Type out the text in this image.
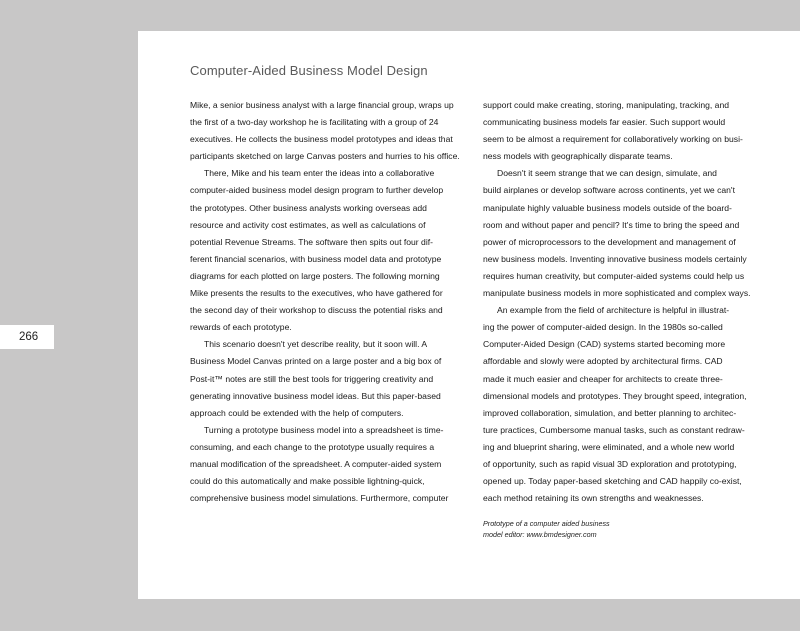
Computer-Aided Business Model Design

Mike, a senior business analyst with a large financial group, wraps up
the first of a two-day workshop he is facilitating with a group of 24
executives. He collects the business model prototypes and ideas that
participants sketched on large Canvas posters and hurries to his office.

There, Mike and his team enter the ideas into a collaborative
computer-aided business model design program to further develop
the prototypes. Other business analysts working overseas add
resource and activity cost estimates, as well as calculations of
potential Revenue Streams. The software then spits out four dif-
ferent financial scenarios, with business model data and prototype
diagrams for each plotted on large posters. The following morning
Mike presents the results to the executives, who have gathered for
the second day of their workshop to discuss the potential risks and
rewards of each prototype.

This scenario doesn't yet describe reality, but it soon will. A
Business Model Canvas printed on a large poster and a big box of
Post-it™ notes are still the best tools for triggering creativity and
generating innovative business model ideas. But this paper-based
approach could be extended with the help of computers.

Turning a prototype business model into a spreadsheet is time-
consuming, and each change to the prototype usually requires a
manual modification of the spreadsheet. A computer-aided system
could do this automatically and make possible lightning-quick,
comprehensive business model simulations. Furthermore, computer

support could make creating, storing, manipulating, tracking, and
communicating business models far easier. Such support would
seem to be almost a requirement for collaboratively working on busi-
ness models with geographically disparate teams.

Doesn't it seem strange that we can design, simulate, and
build airplanes or develop software across continents, yet we can't
manipulate highly valuable business models outside of the board-
room and without paper and pencil? It's time to bring the speed and
power of microprocessors to the development and management of
new business models. Inventing innovative business models certainly
requires human creativity, but computer-aided systems could help us
manipulate business models in more sophisticated and complex ways.

An example from the field of architecture is helpful in illustrat-
ing the power of computer-aided design. In the 1980s so-called
Computer-Aided Design (CAD) systems started becoming more
affordable and slowly were adopted by architectural firms. CAD
made it much easier and cheaper for architects to create three-
dimensional models and prototypes. They brought speed, integration,
improved collaboration, simulation, and better planning to architec-
ture practices, Cumbersome manual tasks, such as constant redraw-
ing and blueprint sharing, were eliminated, and a whole new world
of opportunity, such as rapid visual 3D exploration and prototyping,
opened up. Today paper-based sketching and CAD happily co-exist,
each method retaining its own strengths and weaknesses.

Prototype of a computer aided business
model editor: www.bmdesigner.com
266
